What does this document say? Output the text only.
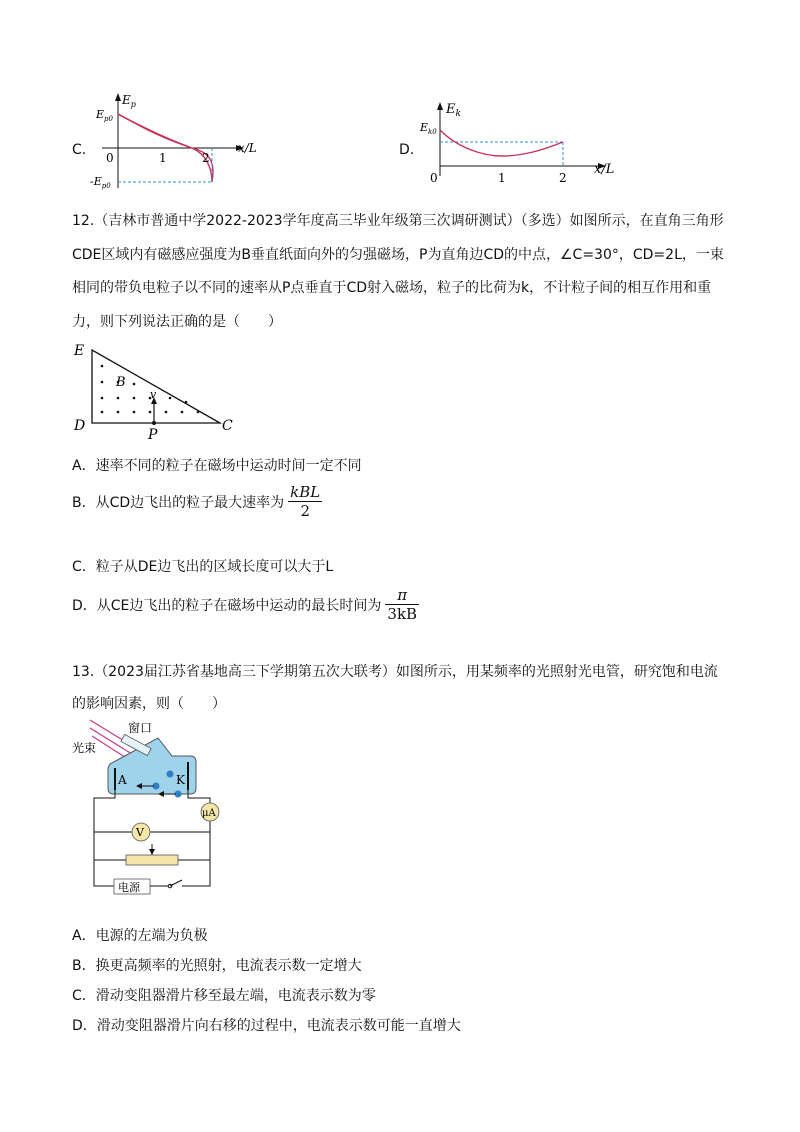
C.
$E_p$
$E_{p0}$
$-E_{p0}$
0	1	2
x/L	D.
$E_k$
$E_{k0}$
0	1	2
x/L
12.（吉林市普通中学2022-2023学年度高三毕业年级第三次调研测试）（多选）如图所示，在直角三角形
CDE区域内有磁感应强度为B垂直纸面向外的匀强磁场，P为直角边CD的中点，∠C=30°，CD=2L，一束
相同的带负电粒子以不同的速率从P点垂直于CD射入磁场，粒子的比荷为k，不计粒子间的相互作用和重
力，则下列说法正确的是（　　）
E
D	C
P
B
v
A．速率不同的粒子在磁场中运动时间一定不同
B．从CD边飞出的粒子最大速率为 $\frac{\text{kBL}}{2}$
C．粒子从DE边飞出的区域长度可以大于L
D．从CE边飞出的粒子在磁场中运动的最长时间为 $\frac{\pi}{3kB}$
13.（2023届江苏省基地高三下学期第五次大联考）如图所示，用某频率的光照射光电管，研究饱和电流
的影响因素，则（　　）
A	K
窗口
光束
μA
V
电源
A．电源的左端为负极
B．换更高频率的光照射，电流表示数一定增大
C．滑动变阻器滑片移至最左端，电流表示数为零
D．滑动变阻器滑片向右移的过程中，电流表示数可能一直增大
